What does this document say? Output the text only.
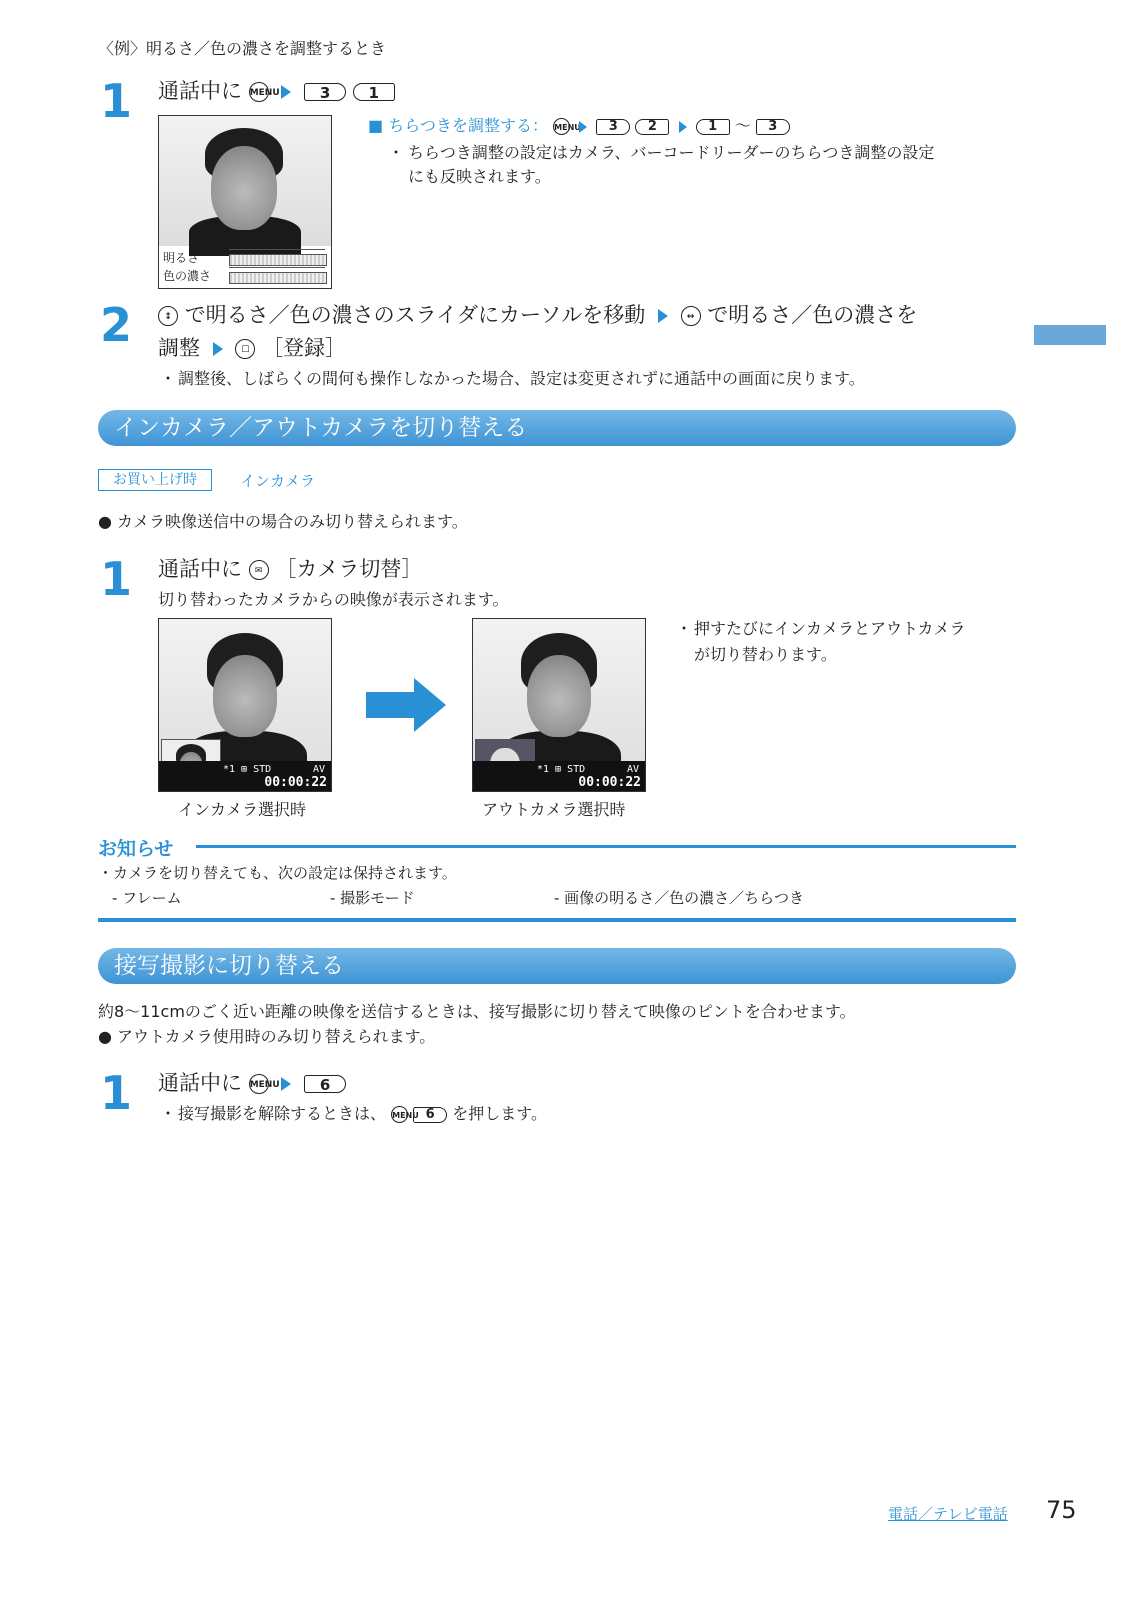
〈例〉明るさ／色の濃さを調整するとき
1 通話中に MENU	3	1
明るさ
色の濃さ
■ ちらつきを調整する： MENU 3 2	1 〜 3
・ ちらつき調整の設定はカメラ、バーコードリーダーのちらつき調整の設定
にも反映されます。
2	↕ で明るさ／色の濃さのスライダにカーソルを移動	↔ で明るさ／色の濃さを
調整	☐ ［登録］
・ 調整後、しばらくの間何も操作しなかった場合、設定は変更されずに通話中の画面に戻ります。
インカメラ／アウトカメラを切り替える
お買い上げ時	インカメラ
● カメラ映像送信中の場合のみ切り替えられます。
1 通話中に ✉ ［カメラ切替］
切り替わったカメラからの映像が表示されます。
*1 ⊞ STD	AV
00:00:22
*1 ⊞ STD	AV
00:00:22
インカメラ選択時	アウトカメラ選択時
・ 押すたびにインカメラとアウトカメラ
が切り替わります。
お知らせ
・カメラを切り替えても、次の設定は保持されます。
- フレーム	- 撮影モード	- 画像の明るさ／色の濃さ／ちらつき
接写撮影に切り替える
約8〜11cmのごく近い距離の映像を送信するときは、接写撮影に切り替えて映像のピントを合わせます。
● アウトカメラ使用時のみ切り替えられます。
1 通話中に MENU	6
・ 接写撮影を解除するときは、 MENU 6 を押します。
電話／テレビ電話 75
